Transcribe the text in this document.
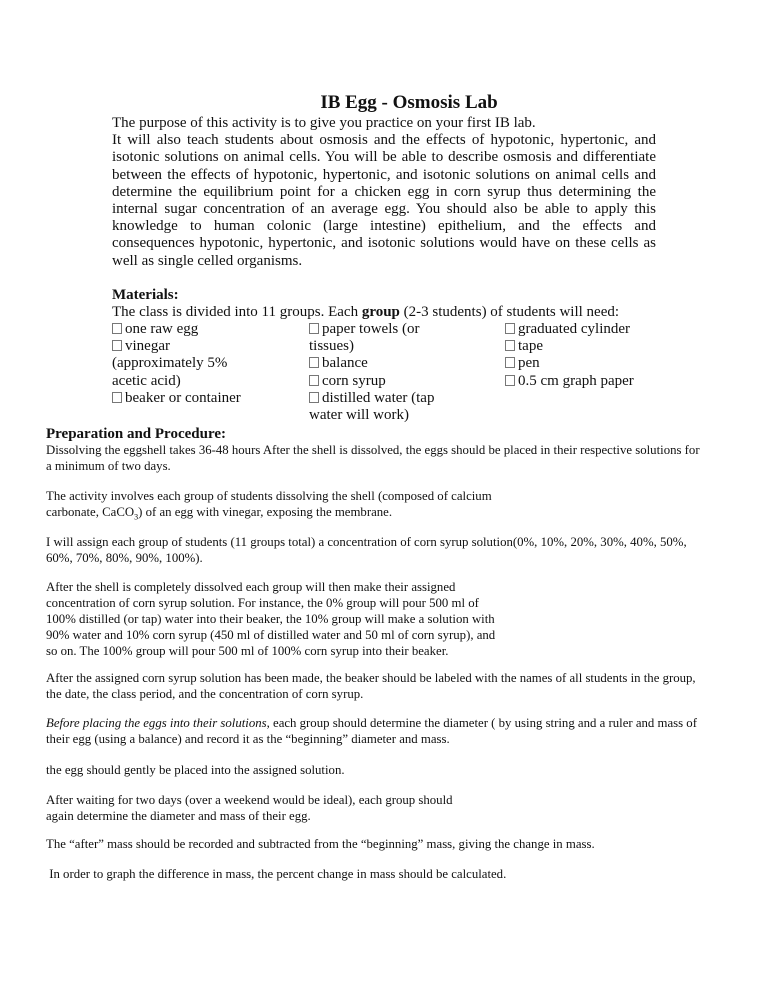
IB Egg - Osmosis Lab
The purpose of this activity is to give you practice on your first IB lab.
It will also teach students about osmosis and the effects of hypotonic, hypertonic, and isotonic solutions on animal cells. You will be able to describe osmosis and differentiate between the effects of hypotonic, hypertonic, and isotonic solutions on animal cells and determine the equilibrium point for a chicken egg in corn syrup thus determining the internal sugar concentration of an average egg. You should also be able to apply this knowledge to human colonic (large intestine) epithelium, and the effects and consequences hypotonic, hypertonic, and isotonic solutions would have on these cells as well as single celled organisms.
Materials:
The class is divided into 11 groups. Each group (2-3 students) of students will need:
one raw egg
vinegar
(approximately 5%
acetic acid)
beaker or container
paper towels (or
tissues)
balance
corn syrup
distilled water (tap
water will work)
graduated cylinder
tape
pen
0.5 cm graph paper
Preparation and Procedure:
Dissolving the eggshell takes 36-48 hours After the shell is dissolved, the eggs should be placed in their respective solutions for
a minimum of two days.
The activity involves each group of students dissolving the shell (composed of calcium
carbonate, CaCO$_3$) of an egg with vinegar, exposing the membrane.
I will assign each group of students (11 groups total) a concentration of corn syrup solution(0%, 10%, 20%, 30%, 40%, 50%,
60%, 70%, 80%, 90%, 100%).
After the shell is completely dissolved each group will then make their assigned
concentration of corn syrup solution. For instance, the 0% group will pour 500 ml of
100% distilled (or tap) water into their beaker, the 10% group will make a solution with
90% water and 10% corn syrup (450 ml of distilled water and 50 ml of corn syrup), and
so on. The 100% group will pour 500 ml of 100% corn syrup into their beaker.
After the assigned corn syrup solution has been made, the beaker should be labeled with the names of all students in the group,
the date, the class period, and the concentration of corn syrup.
Before placing the eggs into their solutions, each group should determine the diameter ( by using string and a ruler and mass of
their egg (using a balance) and record it as the “beginning” diameter and mass.
the egg should gently be placed into the assigned solution.
After waiting for two days (over a weekend would be ideal), each group should
again determine the diameter and mass of their egg.
The “after” mass should be recorded and subtracted from the “beginning” mass, giving the change in mass.
In order to graph the difference in mass, the percent change in mass should be calculated.
